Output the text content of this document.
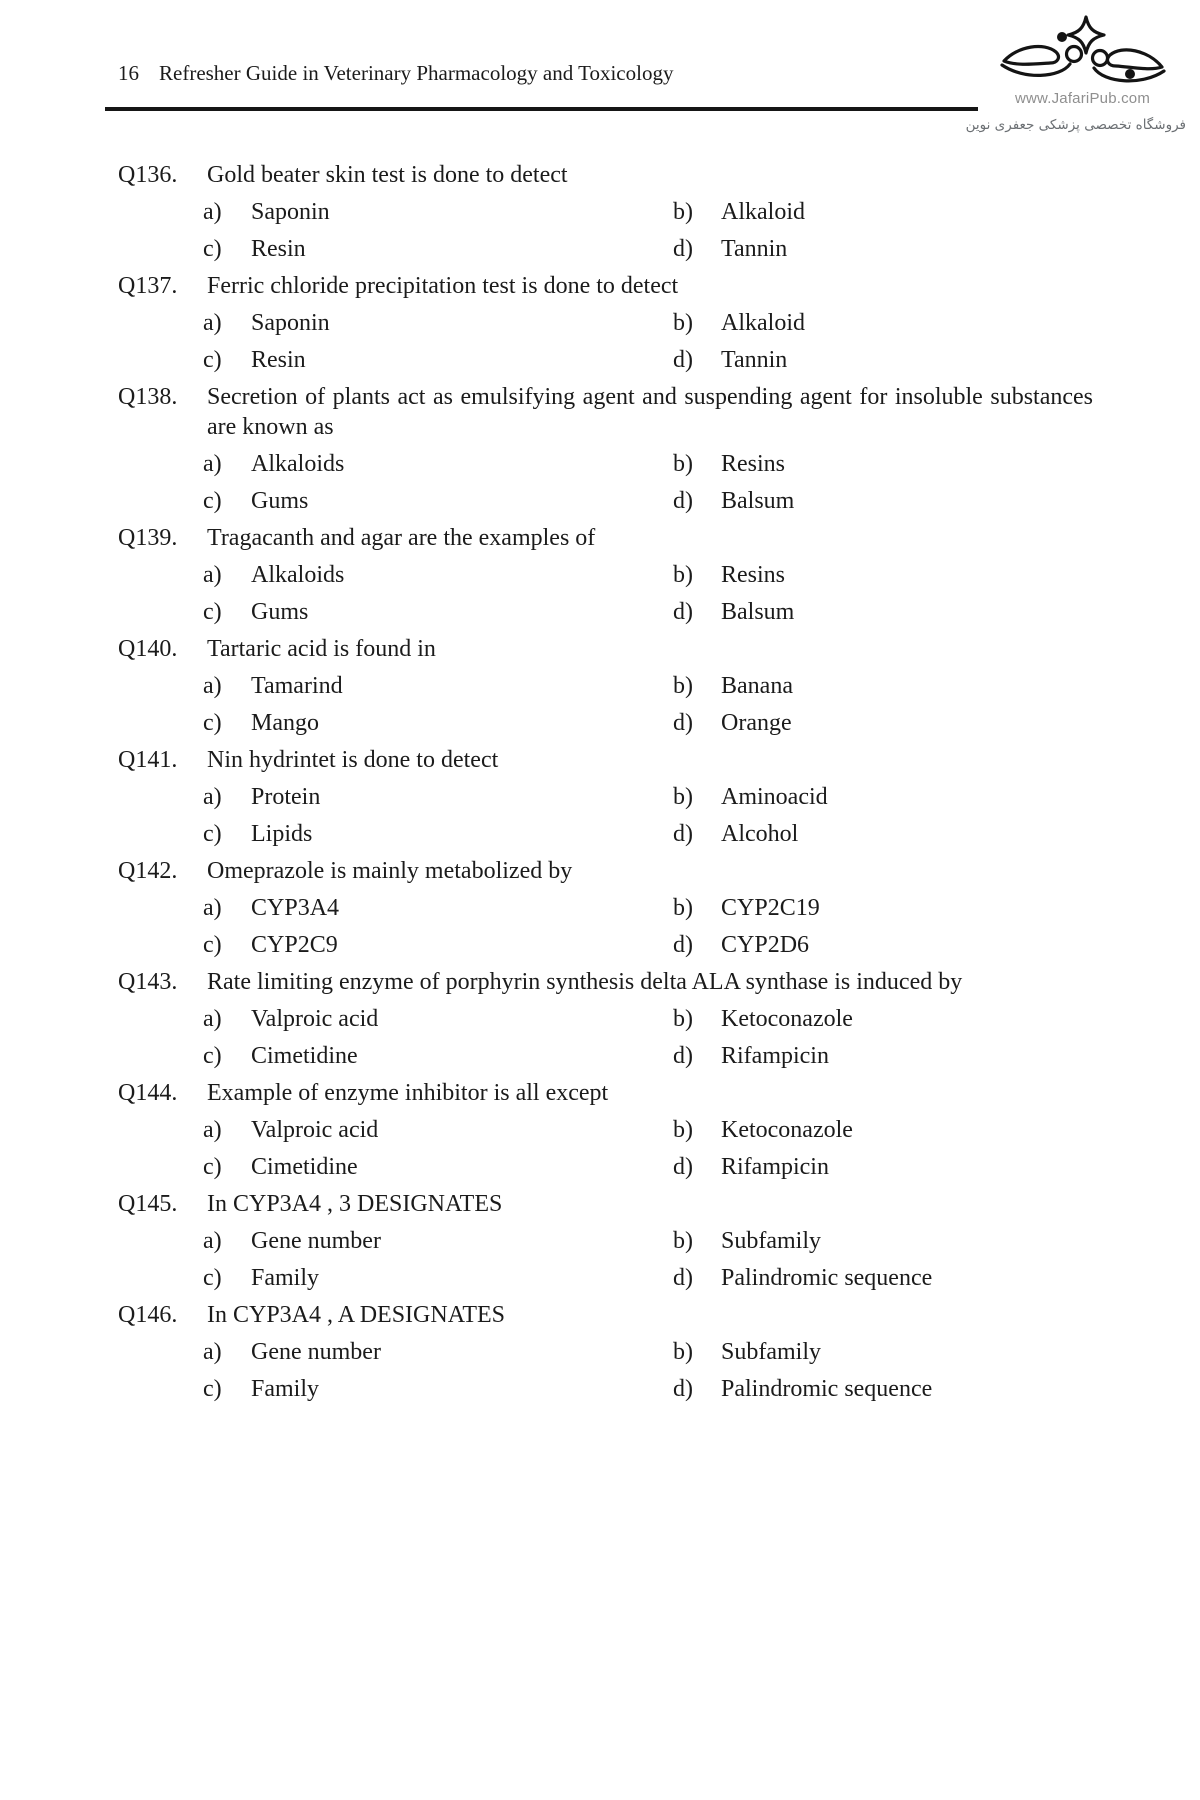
www.JafariPub.com
16 Refresher Guide in Veterinary Pharmacology and Toxicology
فروشگاه تخصصی پزشکی جعفری نوین
Q136.	Gold beater skin test is done to detect
a)	Saponin	b)	Alkaloid
c)	Resin	d)	Tannin
Q137.	Ferric chloride precipitation test is done to detect
a)	Saponin	b)	Alkaloid
c)	Resin	d)	Tannin
Q138.	Secretion of plants act as emulsifying agent and suspending agent for insoluble substances are known as
a)	Alkaloids	b)	Resins
c)	Gums	d)	Balsum
Q139.	Tragacanth and agar are the examples of
a)	Alkaloids	b)	Resins
c)	Gums	d)	Balsum
Q140.	Tartaric acid is found in
a)	Tamarind	b)	Banana
c)	Mango	d)	Orange
Q141.	Nin hydrintet is done to detect
a)	Protein	b)	Aminoacid
c)	Lipids	d)	Alcohol
Q142.	Omeprazole is mainly metabolized by
a)	CYP3A4	b)	CYP2C19
c)	CYP2C9	d)	CYP2D6
Q143.	Rate limiting enzyme of porphyrin synthesis delta ALA synthase is induced by
a)	Valproic acid	b)	Ketoconazole
c)	Cimetidine	d)	Rifampicin
Q144.	Example of enzyme inhibitor is all except
a)	Valproic acid	b)	Ketoconazole
c)	Cimetidine	d)	Rifampicin
Q145.	In CYP3A4 , 3 DESIGNATES
a)	Gene number	b)	Subfamily
c)	Family	d)	Palindromic sequence
Q146.	In CYP3A4 , A DESIGNATES
a)	Gene number	b)	Subfamily
c)	Family	d)	Palindromic sequence
